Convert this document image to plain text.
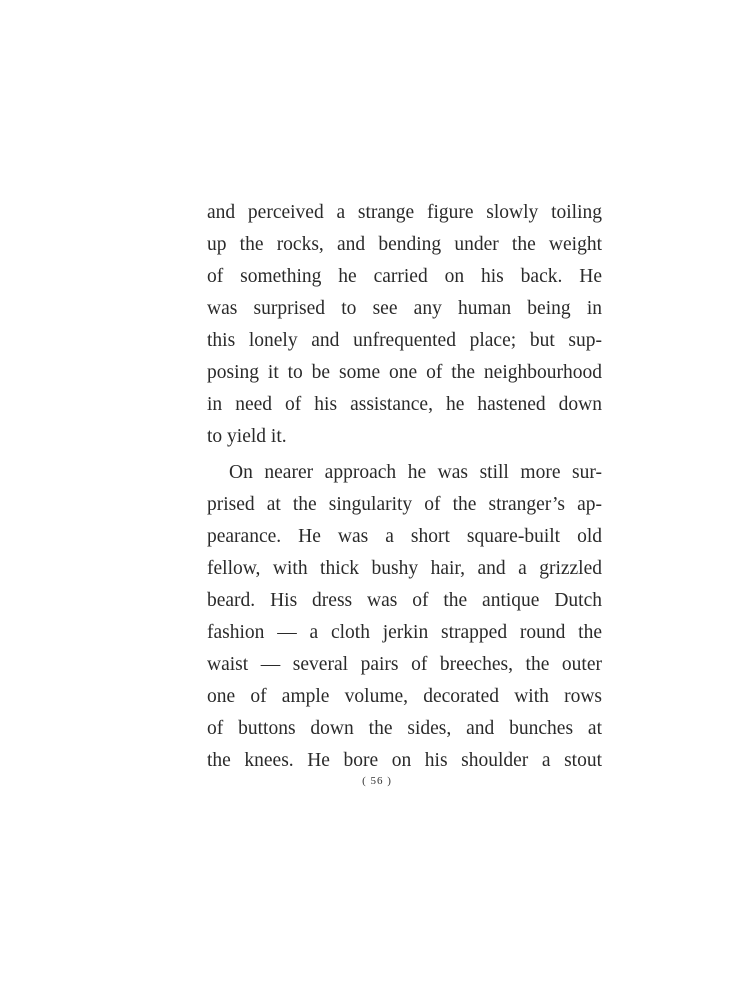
and perceived a strange figure slowly toiling
up the rocks, and bending under the weight
of something he carried on his back. He
was surprised to see any human being in
this lonely and unfrequented place; but sup-
posing it to be some one of the neighbourhood
in need of his assistance, he hastened down
to yield it.
On nearer approach he was still more sur-
prised at the singularity of the stranger’s ap-
pearance. He was a short square-built old
fellow, with thick bushy hair, and a grizzled
beard. His dress was of the antique Dutch
fashion — a cloth jerkin strapped round the
waist — several pairs of breeches, the outer
one of ample volume, decorated with rows
of buttons down the sides, and bunches at
the knees. He bore on his shoulder a stout
( 56 )
